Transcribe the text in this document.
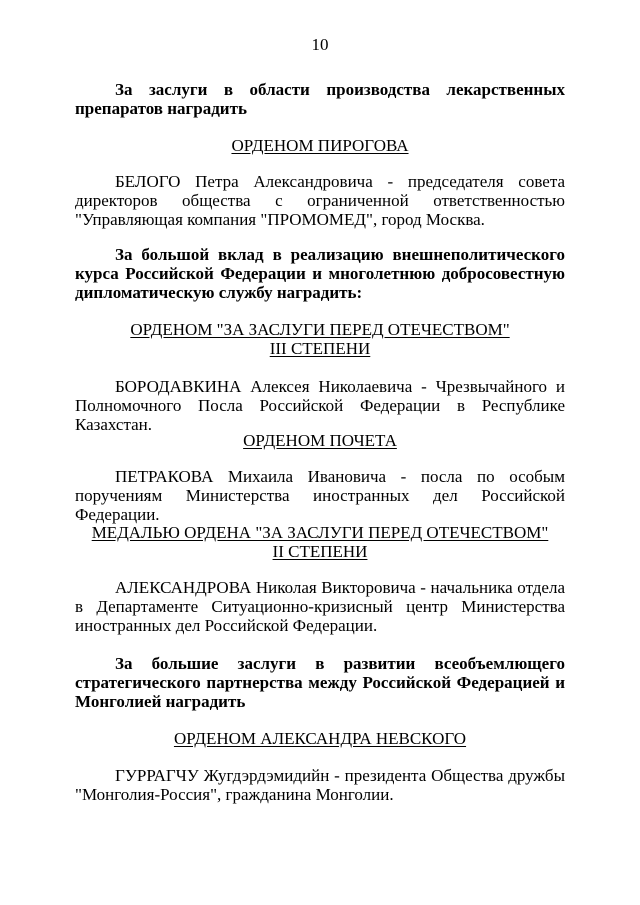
10
За заслуги в области производства лекарственных препаратов наградить
ОРДЕНОМ ПИРОГОВА
БЕЛОГО Петра Александровича - председателя совета директоров общества с ограниченной ответственностью "Управляющая компания "ПРОМОМЕД", город Москва.
За большой вклад в реализацию внешнеполитического курса Российской Федерации и многолетнюю добросовестную дипломатическую службу наградить:
ОРДЕНОМ "ЗА ЗАСЛУГИ ПЕРЕД ОТЕЧЕСТВОМ"
III СТЕПЕНИ
БОРОДАВКИНА Алексея Николаевича - Чрезвычайного и Полномочного Посла Российской Федерации в Республике Казахстан.
ОРДЕНОМ ПОЧЕТА
ПЕТРАКОВА Михаила Ивановича - посла по особым поручениям Министерства иностранных дел Российской Федерации.
МЕДАЛЬЮ ОРДЕНА "ЗА ЗАСЛУГИ ПЕРЕД ОТЕЧЕСТВОМ"
II СТЕПЕНИ
АЛЕКСАНДРОВА Николая Викторовича - начальника отдела в Департаменте Ситуационно-кризисный центр Министерства иностранных дел Российской Федерации.
За большие заслуги в развитии всеобъемлющего стратегического партнерства между Российской Федерацией и Монголией наградить
ОРДЕНОМ АЛЕКСАНДРА НЕВСКОГО
ГУРРАГЧУ Жугдэрдэмидийн - президента Общества дружбы "Монголия-Россия", гражданина Монголии.
